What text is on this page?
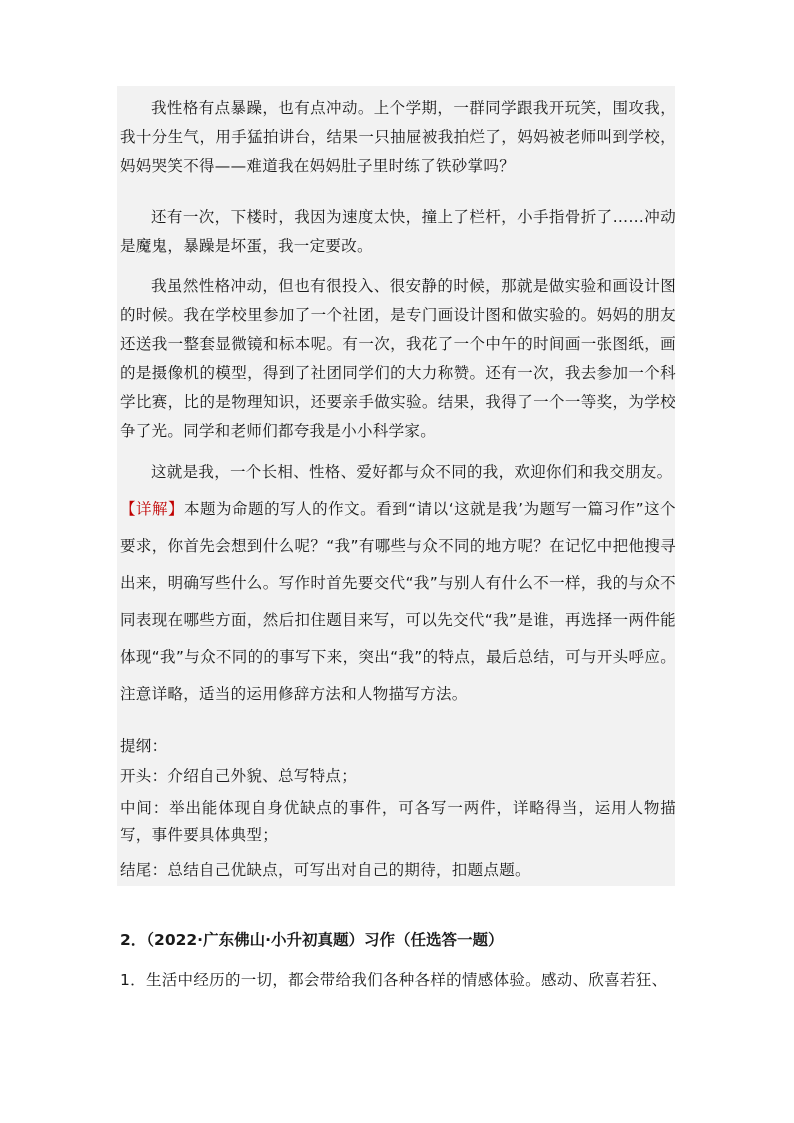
我性格有点暴躁，也有点冲动。上个学期，一群同学跟我开玩笑，围攻我，我十分生气，用手猛拍讲台，结果一只抽屉被我拍烂了，妈妈被老师叫到学校，妈妈哭笑不得——难道我在妈妈肚子里时练了铁砂掌吗？

还有一次，下楼时，我因为速度太快，撞上了栏杆，小手指骨折了……冲动是魔鬼，暴躁是坏蛋，我一定要改。

我虽然性格冲动，但也有很投入、很安静的时候，那就是做实验和画设计图的时候。我在学校里参加了一个社团，是专门画设计图和做实验的。妈妈的朋友还送我一整套显微镜和标本呢。有一次，我花了一个中午的时间画一张图纸，画的是摄像机的模型，得到了社团同学们的大力称赞。还有一次，我去参加一个科学比赛，比的是物理知识，还要亲手做实验。结果，我得了一个一等奖，为学校争了光。同学和老师们都夸我是小小科学家。

这就是我，一个长相、性格、爱好都与众不同的我，欢迎你们和我交朋友。

【详解】本题为命题的写人的作文。看到“请以‘这就是我’为题写一篇习作”这个要求，你首先会想到什么呢？“我”有哪些与众不同的地方呢？在记忆中把他搜寻出来，明确写些什么。写作时首先要交代“我”与别人有什么不一样，我的与众不同表现在哪些方面，然后扣住题目来写，可以先交代“我”是谁，再选择一两件能体现“我”与众不同的的事写下来，突出“我”的特点，最后总结，可与开头呼应。注意详略，适当的运用修辞方法和人物描写方法。

提纲：

开头：介绍自己外貌、总写特点；

中间：举出能体现自身优缺点的事件，可各写一两件，详略得当，运用人物描写，事件要具体典型；

结尾：总结自己优缺点，可写出对自己的期待，扣题点题。

2．（2022·广东佛山·小升初真题）习作（任选答一题）

1．生活中经历的一切，都会带给我们各种各样的情感体验。感动、欣喜若狂、
